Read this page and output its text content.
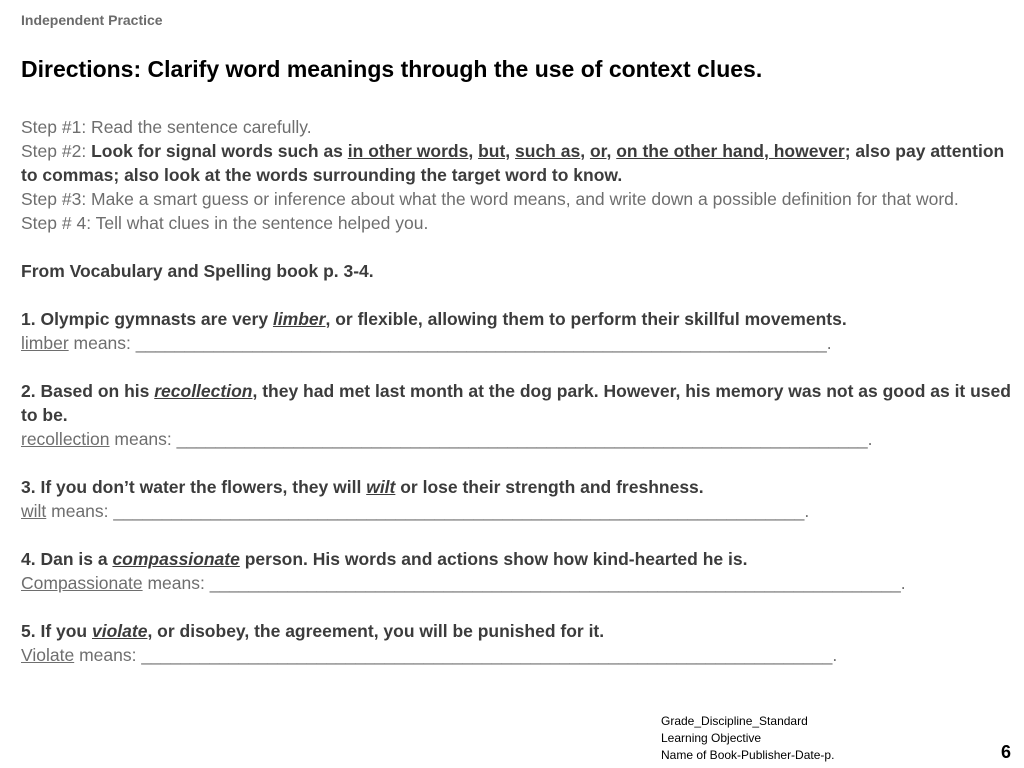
Independent Practice
Directions: Clarify word meanings through the use of context clues.
Step #1: Read the sentence carefully.
Step #2: Look for signal words such as in other words, but, such as, or, on the other hand, however; also pay attention to commas; also look at the words surrounding the target word to know.
Step #3: Make a smart guess or inference about what the word means, and write down a possible definition for that word.
Step # 4: Tell what clues in the sentence helped you.
From Vocabulary and Spelling book p. 3-4.
1. Olympic gymnasts are very limber, or flexible, allowing them to perform their skillful movements.
limber means: _______________________________________________________________________.
2. Based on his recollection, they had met last month at the dog park. However, his memory was not as good as it used to be.
recollection means: _______________________________________________________________________.
3. If you don’t water the flowers, they will wilt or lose their strength and freshness.
wilt means: _______________________________________________________________________.
4. Dan is a compassionate person. His words and actions show how kind-hearted he is.
Compassionate means: _______________________________________________________________________.
5. If you violate, or disobey, the agreement, you will be punished for it.
Violate means: _______________________________________________________________________.
Grade_Discipline_Standard
Learning Objective
Name of Book-Publisher-Date-p.	6
